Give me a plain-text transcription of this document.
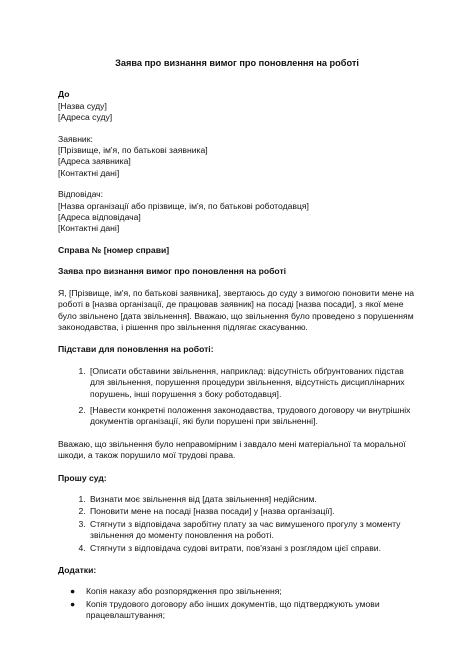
Заява про визнання вимог про поновлення на роботі
До
[Назва суду]
[Адреса суду]
Заявник:
[Прізвище, ім'я, по батькові заявника]
[Адреса заявника]
[Контактні дані]
Відповідач:
[Назва організації або прізвище, ім'я, по батькові роботодавця]
[Адреса відповідача]
[Контактні дані]
Справа № [номер справи]
Заява про визнання вимог про поновлення на роботі

Я, [Прізвище, ім'я, по батькові заявника], звертаюсь до суду з вимогою поновити мене на роботі в [назва організації, де працював заявник] на посаді [назва посади], з якої мене було звільнено [дата звільнення]. Вважаю, що звільнення було проведено з порушенням законодавства, і рішення про звільнення підлягає скасуванню.

Підстави для поновлення на роботі:
1. [Описати обставини звільнення, наприклад: відсутність обґрунтованих підстав для звільнення, порушення процедури звільнення, відсутність дисциплінарних порушень, інші порушення з боку роботодавця].
2. [Навести конкретні положення законодавства, трудового договору чи внутрішніх документів організації, які були порушені при звільненні].

Вважаю, що звільнення було неправомірним і завдало мені матеріальної та моральної шкоди, а також порушило мої трудові права.

Прошу суд:
1. Визнати моє звільнення від [дата звільнення] недійсним.
2. Поновити мене на посаді [назва посади] у [назва організації].
3. Стягнути з відповідача заробітну плату за час вимушеного прогулу з моменту звільнення до моменту поновлення на роботі.
4. Стягнути з відповідача судові витрати, пов'язані з розглядом цієї справи.
Додатки:
● Копія наказу або розпорядження про звільнення;
● Копія трудового договору або інших документів, що підтверджують умови працевлаштування;
